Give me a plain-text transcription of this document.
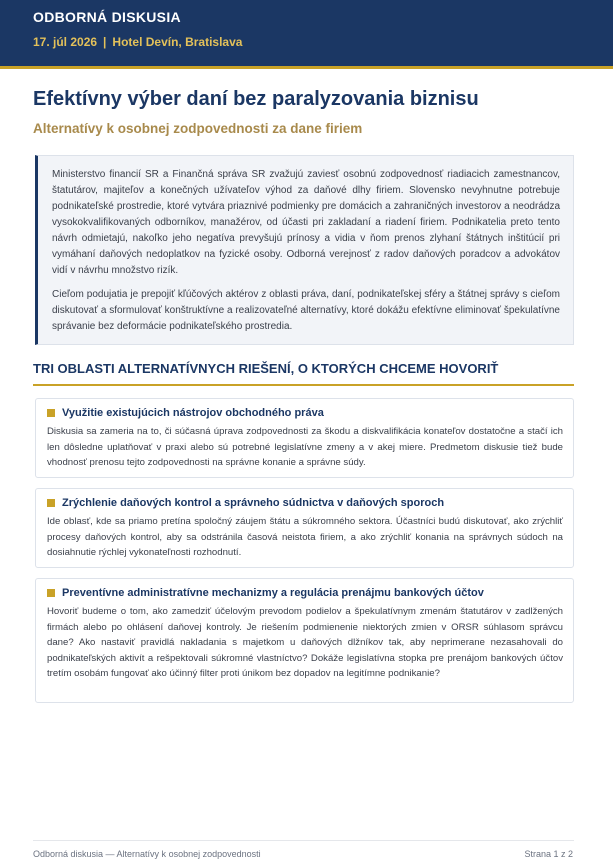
ODBORNÁ DISKUSIA
17. júl 2026 | Hotel Devín, Bratislava
Efektívny výber daní bez paralyzovania biznisu
Alternatívy k osobnej zodpovednosti za dane firiem

Ministerstvo financií SR a Finančná správa SR zvažujú zaviesť osobnú zodpovednosť riadiacich zamestnancov, štatutárov, majiteľov a konečných užívateľov výhod za daňové dlhy firiem. Slovensko nevyhnutne potrebuje podnikateľské prostredie, ktoré vytvára priaznivé podmienky pre domácich a zahraničných investorov a neodrádza vysokokvalifikovaných odborníkov, manažérov, od účasti pri zakladaní a riadení firiem. Podnikatelia preto tento návrh odmietajú, nakoľko jeho negatíva prevyšujú prínosy a vidia v ňom prenos zlyhaní štátnych inštitúcií pri vymáhaní daňových nedoplatkov na fyzické osoby. Odborná verejnosť z radov daňových poradcov a advokátov vidí v návrhu množstvo rizík.

Cieľom podujatia je prepojiť kľúčových aktérov z oblasti práva, daní, podnikateľskej sféry a štátnej správy s cieľom diskutovať a sformulovať konštruktívne a realizovateľné alternatívy, ktoré dokážu efektívne eliminovať špekulatívne správanie bez deformácie podnikateľského prostredia.

TRI OBLASTI ALTERNATÍVNYCH RIEŠENÍ, O KTORÝCH CHCEME HOVORIŤ
Využitie existujúcich nástrojov obchodného práva

Diskusia sa zameria na to, či súčasná úprava zodpovednosti za škodu a diskvalifikácia konateľov dostatočne a stačí ich len dôsledne uplatňovať v praxi alebo sú potrebné legislatívne zmeny a v akej miere. Predmetom diskusie tiež bude vhodnosť prenosu tejto zodpovednosti na správne konanie a správne súdy.

Zrýchlenie daňových kontrol a správneho súdnictva v daňových sporoch

Ide oblasť, kde sa priamo pretína spoločný záujem štátu a súkromného sektora. Účastníci budú diskutovať, ako zrýchliť procesy daňových kontrol, aby sa odstránila časová neistota firiem, a ako zrýchliť konania na správnych súdoch na dosiahnutie rýchlej vykonateľnosti rozhodnutí.

Preventívne administratívne mechanizmy a regulácia prenájmu bankových účtov

Hovoriť budeme o tom, ako zamedziť účelovým prevodom podielov a špekulatívnym zmenám štatutárov v zadlžených firmách alebo po ohlásení daňovej kontroly. Je riešením podmienenie niektorých zmien v ORSR súhlasom správcu dane? Ako nastaviť pravidlá nakladania s majetkom u daňových dlžníkov tak, aby neprimerane nezasahovali do podnikateľských aktivít a rešpektovali súkromné vlastníctvo? Dokáže legislatívna stopka pre prenájom bankových účtov tretím osobám fungovať ako účinný filter proti únikom bez dopadov na legitímne podnikanie?

Odborná diskusia — Alternatívy k osobnej zodpovednosti	Strana 1 z 2
